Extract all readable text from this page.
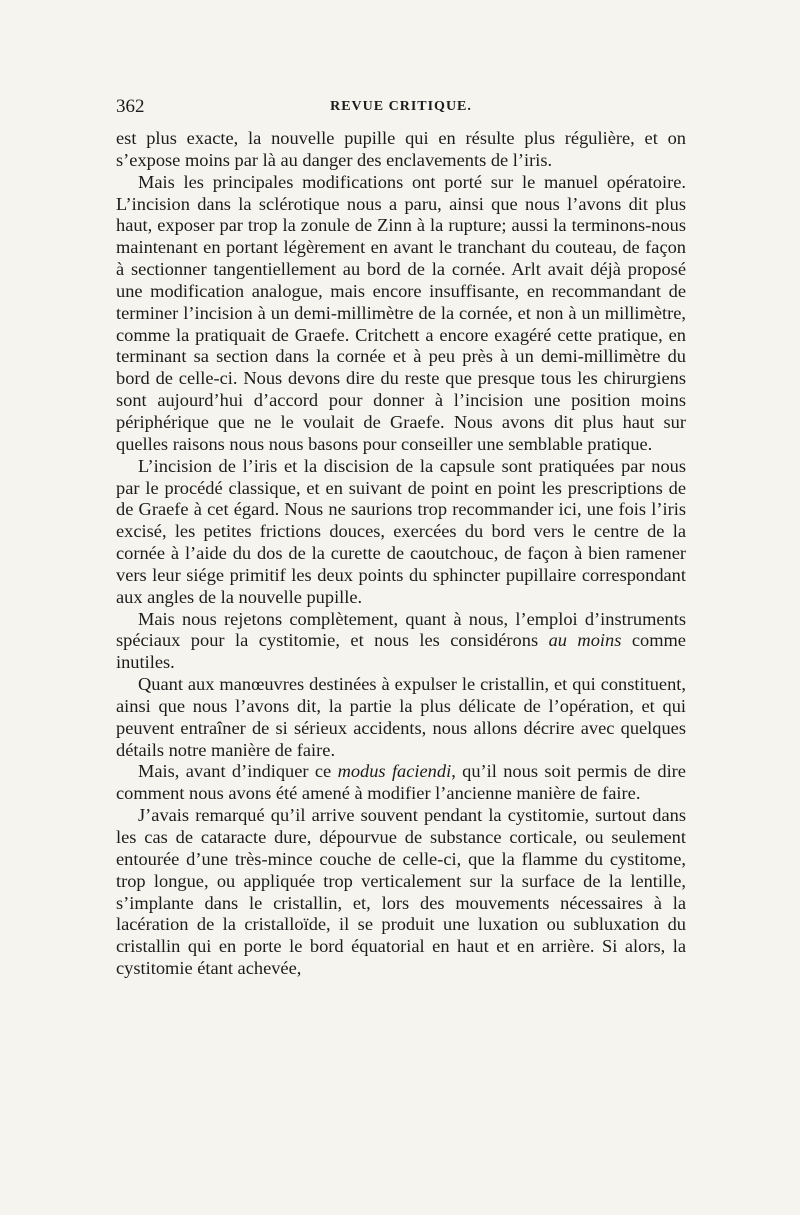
362	REVUE CRITIQUE.

est plus exacte, la nouvelle pupille qui en résulte plus régulière, et on s’expose moins par là au danger des enclavements de l’iris.

Mais les principales modifications ont porté sur le manuel opératoire. L’incision dans la sclérotique nous a paru, ainsi que nous l’avons dit plus haut, exposer par trop la zonule de Zinn à la rupture; aussi la terminons-nous maintenant en portant légèrement en avant le tranchant du couteau, de façon à sectionner tangentiellement au bord de la cornée. Arlt avait déjà proposé une modification analogue, mais encore insuffisante, en recommandant de terminer l’incision à un demi-millimètre de la cornée, et non à un millimètre, comme la pratiquait de Graefe. Critchett a encore exagéré cette pratique, en terminant sa section dans la cornée et à peu près à un demi-millimètre du bord de celle-ci. Nous devons dire du reste que presque tous les chirurgiens sont aujourd’hui d’accord pour donner à l’incision une position moins périphérique que ne le voulait de Graefe. Nous avons dit plus haut sur quelles raisons nous nous basons pour conseiller une semblable pratique.

L’incision de l’iris et la discision de la capsule sont pratiquées par nous par le procédé classique, et en suivant de point en point les prescriptions de de Graefe à cet égard. Nous ne saurions trop recommander ici, une fois l’iris excisé, les petites frictions douces, exercées du bord vers le centre de la cornée à l’aide du dos de la curette de caoutchouc, de façon à bien ramener vers leur siége primitif les deux points du sphincter pupillaire correspondant aux angles de la nouvelle pupille.

Mais nous rejetons complètement, quant à nous, l’emploi d’instruments spéciaux pour la cystitomie, et nous les considérons au moins comme inutiles.

Quant aux manœuvres destinées à expulser le cristallin, et qui constituent, ainsi que nous l’avons dit, la partie la plus délicate de l’opération, et qui peuvent entraîner de si sérieux accidents, nous allons décrire avec quelques détails notre manière de faire.

Mais, avant d’indiquer ce modus faciendi, qu’il nous soit permis de dire comment nous avons été amené à modifier l’ancienne manière de faire.

J’avais remarqué qu’il arrive souvent pendant la cystitomie, surtout dans les cas de cataracte dure, dépourvue de substance corticale, ou seulement entourée d’une très-mince couche de celle-ci, que la flamme du cystitome, trop longue, ou appliquée trop verticalement sur la surface de la lentille, s’implante dans le cristallin, et, lors des mouvements nécessaires à la lacération de la cristalloïde, il se produit une luxation ou subluxation du cristallin qui en porte le bord équatorial en haut et en arrière. Si alors, la cystitomie étant achevée,
